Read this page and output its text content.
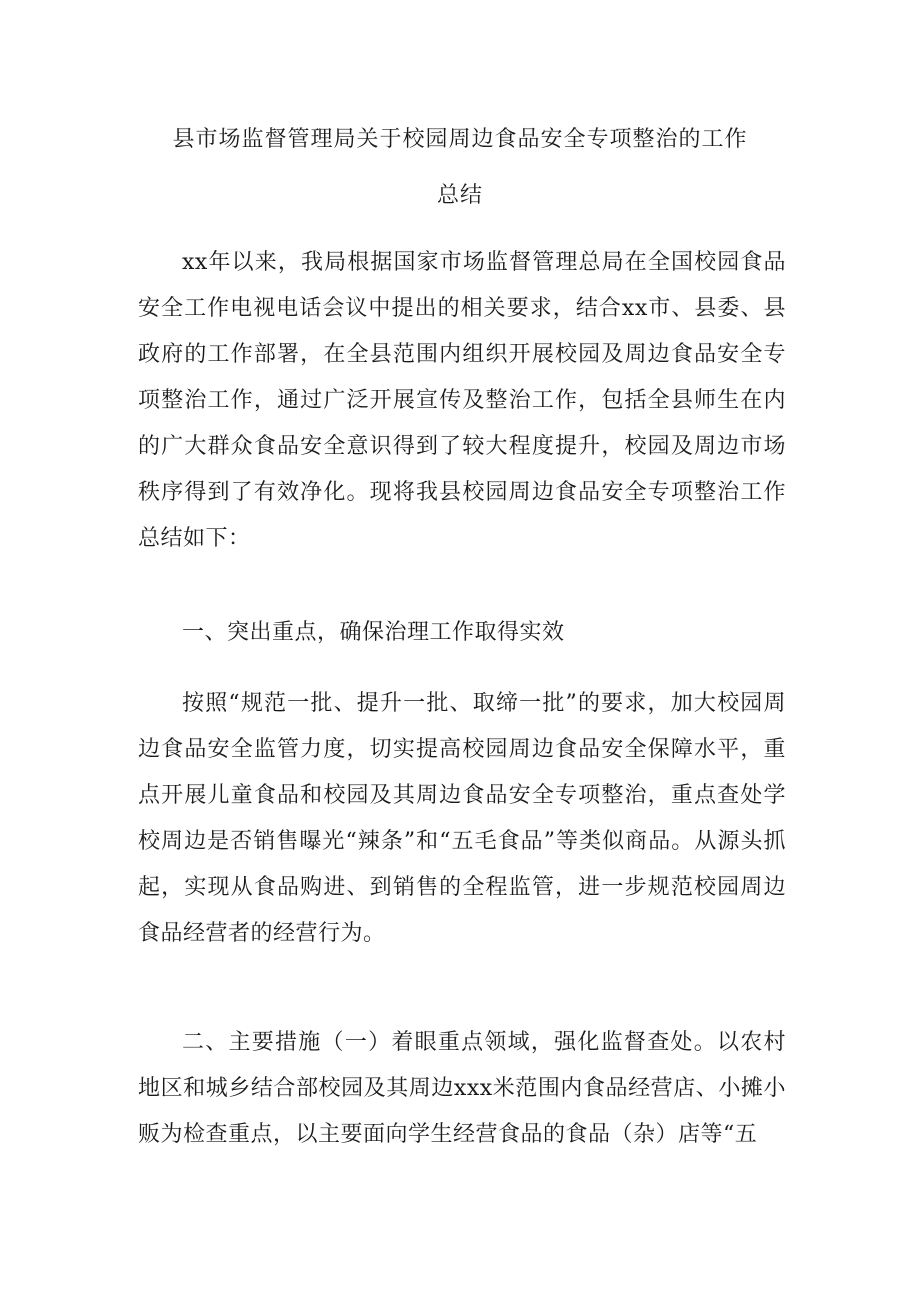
县市场监督管理局关于校园周边食品安全专项整治的工作
总结

xx年以来，我局根据国家市场监督管理总局在全国校园食品安全工作电视电话会议中提出的相关要求，结合xx市、县委、县政府的工作部署，在全县范围内组织开展校园及周边食品安全专项整治工作，通过广泛开展宣传及整治工作，包括全县师生在内的广大群众食品安全意识得到了较大程度提升，校园及周边市场秩序得到了有效净化。现将我县校园周边食品安全专项整治工作总结如下：

一、突出重点，确保治理工作取得实效

按照“规范一批、提升一批、取缔一批”的要求，加大校园周边食品安全监管力度，切实提高校园周边食品安全保障水平，重点开展儿童食品和校园及其周边食品安全专项整治，重点查处学校周边是否销售曝光“辣条”和“五毛食品”等类似商品。从源头抓起，实现从食品购进、到销售的全程监管，进一步规范校园周边食品经营者的经营行为。

二、主要措施（一）着眼重点领域，强化监督查处。以农村地区和城乡结合部校园及其周边xxx米范围内食品经营店、小摊小贩为检查重点，以主要面向学生经营食品的食品（杂）店等“五
